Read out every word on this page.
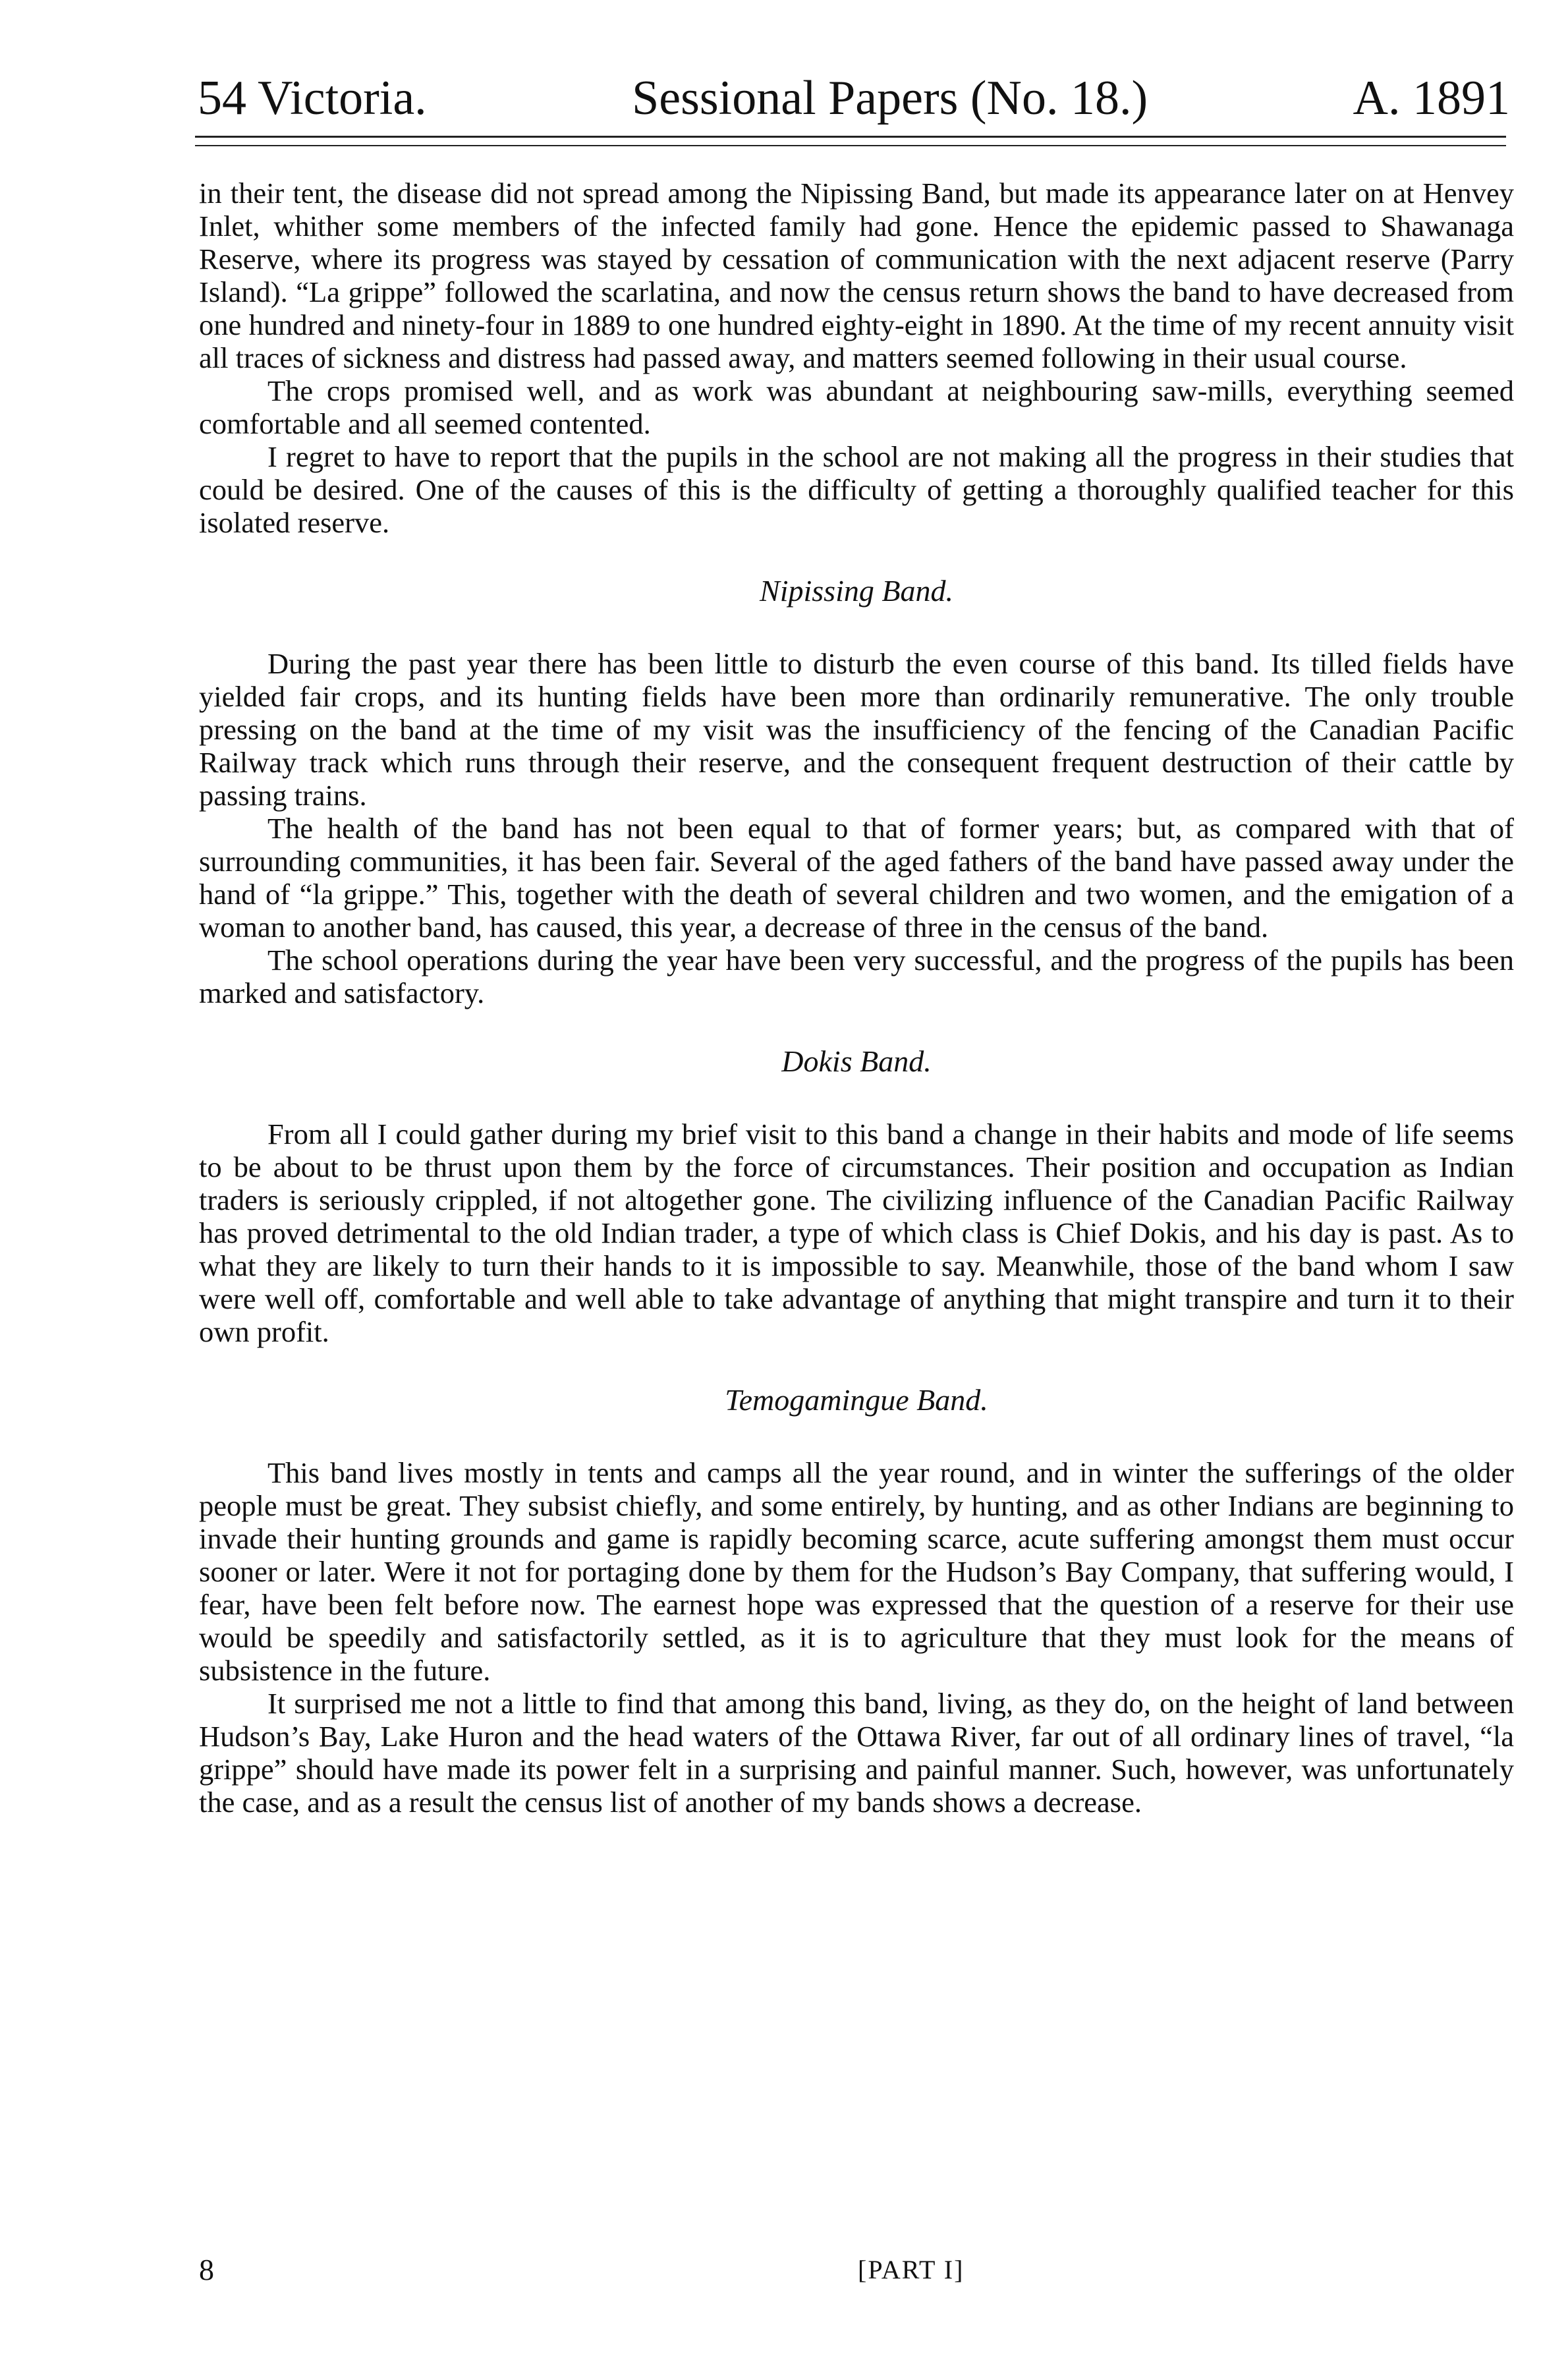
54 Victoria.	Sessional Papers (No. 18.)	A. 1891

in their tent, the disease did not spread among the Nipissing Band, but made its appearance later on at Henvey Inlet, whither some members of the infected family had gone. Hence the epidemic passed to Shawanaga Reserve, where its progress was stayed by cessation of communication with the next adjacent reserve (Parry Island). “La grippe” followed the scarlatina, and now the census return shows the band to have decreased from one hundred and ninety-four in 1889 to one hundred eighty-eight in 1890. At the time of my recent annuity visit all traces of sickness and distress had passed away, and matters seemed following in their usual course.

The crops promised well, and as work was abundant at neighbouring saw-mills, everything seemed comfortable and all seemed contented.

I regret to have to report that the pupils in the school are not making all the progress in their studies that could be desired. One of the causes of this is the difficulty of getting a thoroughly qualified teacher for this isolated reserve.

Nipissing Band.

During the past year there has been little to disturb the even course of this band. Its tilled fields have yielded fair crops, and its hunting fields have been more than ordinarily remunerative. The only trouble pressing on the band at the time of my visit was the insufficiency of the fencing of the Canadian Pacific Railway track which runs through their reserve, and the consequent frequent destruction of their cattle by passing trains.

The health of the band has not been equal to that of former years; but, as compared with that of surrounding communities, it has been fair. Several of the aged fathers of the band have passed away under the hand of “la grippe.” This, together with the death of several children and two women, and the emigation of a woman to another band, has caused, this year, a decrease of three in the census of the band.

The school operations during the year have been very successful, and the progress of the pupils has been marked and satisfactory.

Dokis Band.

From all I could gather during my brief visit to this band a change in their habits and mode of life seems to be about to be thrust upon them by the force of circumstances. Their position and occupation as Indian traders is seriously crippled, if not altogether gone. The civilizing influence of the Canadian Pacific Railway has proved detrimental to the old Indian trader, a type of which class is Chief Dokis, and his day is past. As to what they are likely to turn their hands to it is impossible to say. Meanwhile, those of the band whom I saw were well off, comfortable and well able to take advantage of anything that might transpire and turn it to their own profit.

Temogamingue Band.

This band lives mostly in tents and camps all the year round, and in winter the sufferings of the older people must be great. They subsist chiefly, and some entirely, by hunting, and as other Indians are beginning to invade their hunting grounds and game is rapidly becoming scarce, acute suffering amongst them must occur sooner or later. Were it not for portaging done by them for the Hudson’s Bay Company, that suffering would, I fear, have been felt before now. The earnest hope was expressed that the question of a reserve for their use would be speedily and satisfactorily settled, as it is to agriculture that they must look for the means of subsistence in the future.

It surprised me not a little to find that among this band, living, as they do, on the height of land between Hudson’s Bay, Lake Huron and the head waters of the Ottawa River, far out of all ordinary lines of travel, “la grippe” should have made its power felt in a surprising and painful manner. Such, however, was unfortunately the case, and as a result the census list of another of my bands shows a decrease.

8	[PART I]
